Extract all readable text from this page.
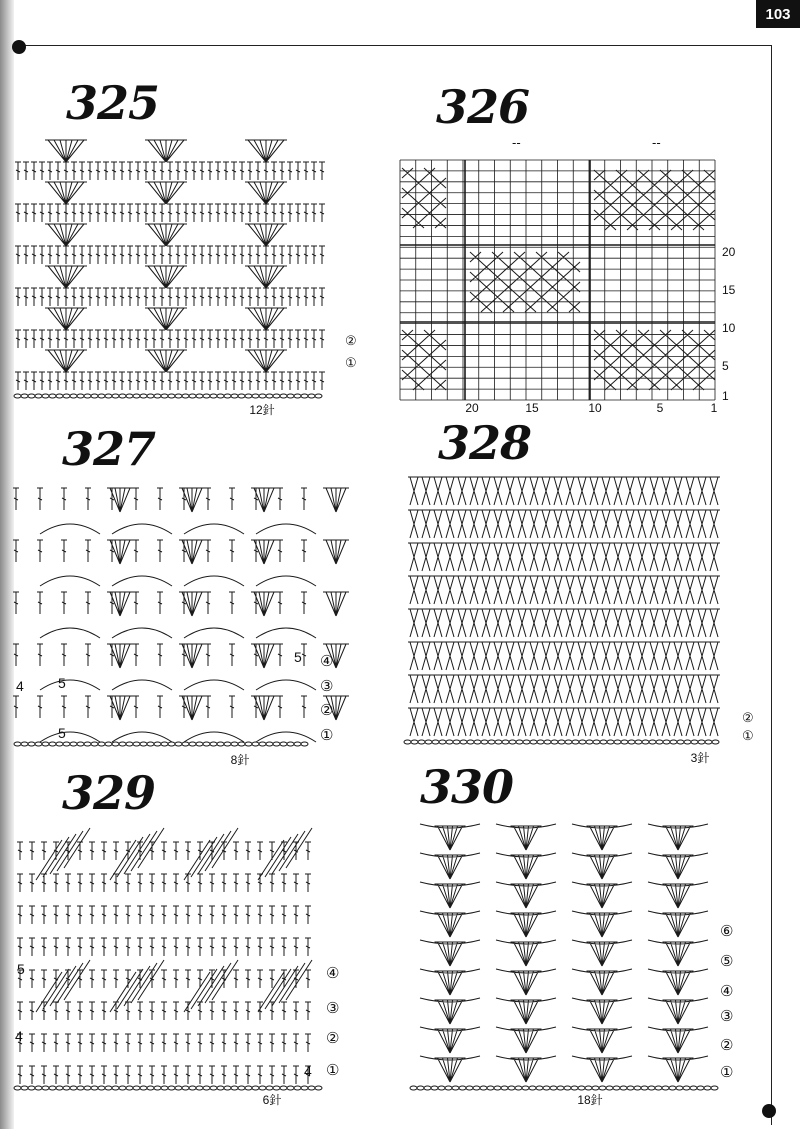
103
325	326
327	328
329	330
12針
②
①
--	--
20	15	10	5	1
20
15
10
5
1
8針
④
③
②
①
5
4 5
5
3針
②
①
6針
④
③
②
①
5
4
4
18針
⑥
⑤
④
③
②
①
